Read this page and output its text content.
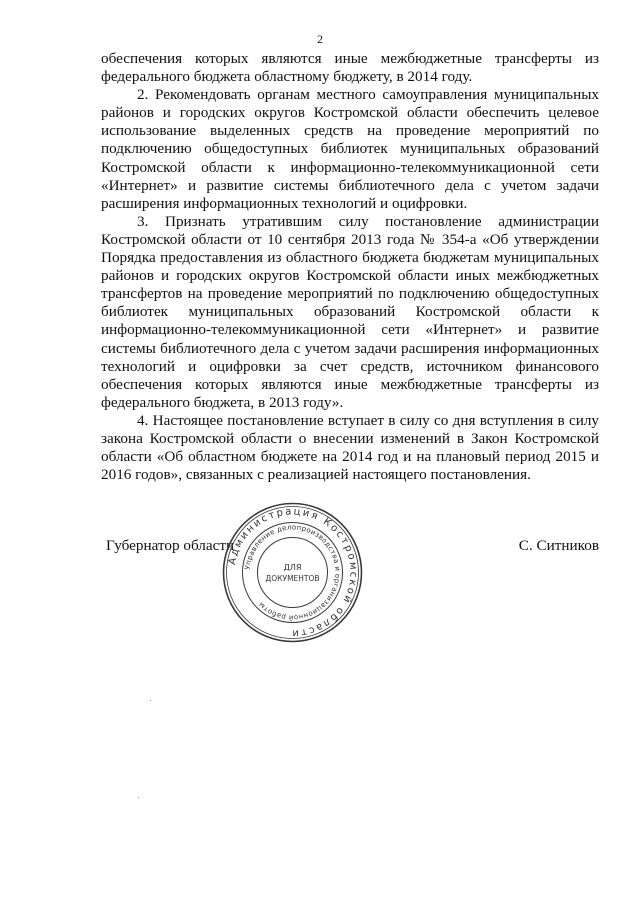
2

обеспечения которых являются иные межбюджетные трансферты из федерального бюджета областному бюджету, в 2014 году.

2. Рекомендовать органам местного самоуправления муниципальных районов и городских округов Костромской области обеспечить целевое использование выделенных средств на проведение мероприятий по подключению общедоступных библиотек муниципальных образований Костромской области к информационно-телекоммуникационной сети «Интернет» и развитие системы библиотечного дела с учетом задачи расширения информационных технологий и оцифровки.

3. Признать утратившим силу постановление администрации Костромской области от 10 сентября 2013 года № 354-а «Об утверждении Порядка предоставления из областного бюджета бюджетам муниципальных районов и городских округов Костромской области иных межбюджетных трансфертов на проведение мероприятий по подключению общедоступных библиотек муниципальных образований Костромской области к информационно-телекоммуникационной сети «Интернет» и развитие системы библиотечного дела с учетом задачи расширения информационных технологий и оцифровки за счет средств, источником финансового обеспечения которых являются иные межбюджетные трансферты из федерального бюджета, в 2013 году».

4. Настоящее постановление вступает в силу со дня вступления в силу закона Костромской области о внесении изменений в Закон Костромской области «Об областном бюджете на 2014 год и на плановый период 2015 и 2016 годов», связанных с реализацией настоящего постановления.

Губернатор области	С. Ситников
Администрация Костромской области
Управление делопроизводства и организационной работы
ДЛЯ
ДОКУМЕНТОВ
